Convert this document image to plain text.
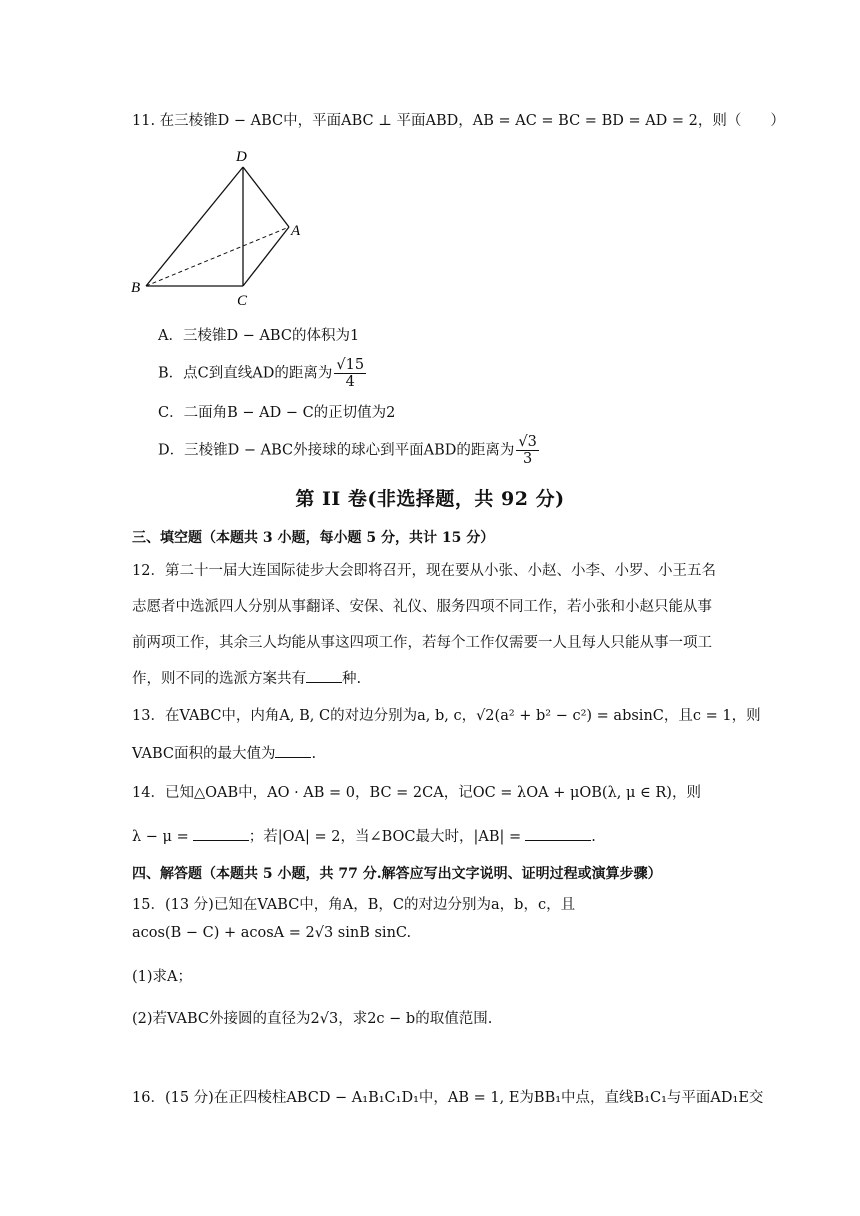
11. 在三棱锥D − ABC中，平面ABC ⊥ 平面ABD，AB = AC = BC = BD = AD = 2，则（　　）
D
A
B
C
A．三棱锥D − ABC的体积为1
B．点C到直线AD的距离为 $\frac{√15}{4}$
C．二面角B − AD − C的正切值为2
D．三棱锥D − ABC外接球的球心到平面ABD的距离为 $\frac{√3}{3}$
第 II 卷(非选择题，共 92 分)
三、填空题（本题共 3 小题，每小题 5 分，共计 15 分）
12．第二十一届大连国际徒步大会即将召开，现在要从小张、小赵、小李、小罗、小王五名
志愿者中选派四人分别从事翻译、安保、礼仪、服务四项不同工作，若小张和小赵只能从事
前两项工作，其余三人均能从事这四项工作，若每个工作仅需要一人且每人只能从事一项工
作，则不同的选派方案共有 种.
13．在VABC中，内角A, B, C的对边分别为a, b, c，√2(a² + b² − c²) = absinC，且c = 1，则
VABC面积的最大值为 .
14．已知△OAB中，AO · AB = 0，BC = 2CA，记OC = λOA + μOB(λ, μ ∈ R)，则
λ − μ =	；若|OA| = 2，当∠BOC最大时，|AB| =	.
四、解答题（本题共 5 小题，共 77 分.解答应写出文字说明、证明过程或演算步骤）
15．(13 分)已知在VABC中，角A，B，C的对边分别为a，b，c，且
acos(B − C) + acosA = 2√3 sinB sinC.
(1)求A；
(2)若VABC外接圆的直径为2√3，求2c − b的取值范围.
16．(15 分)在正四棱柱ABCD − A₁B₁C₁D₁中，AB = 1, E为BB₁中点，直线B₁C₁与平面AD₁E交
